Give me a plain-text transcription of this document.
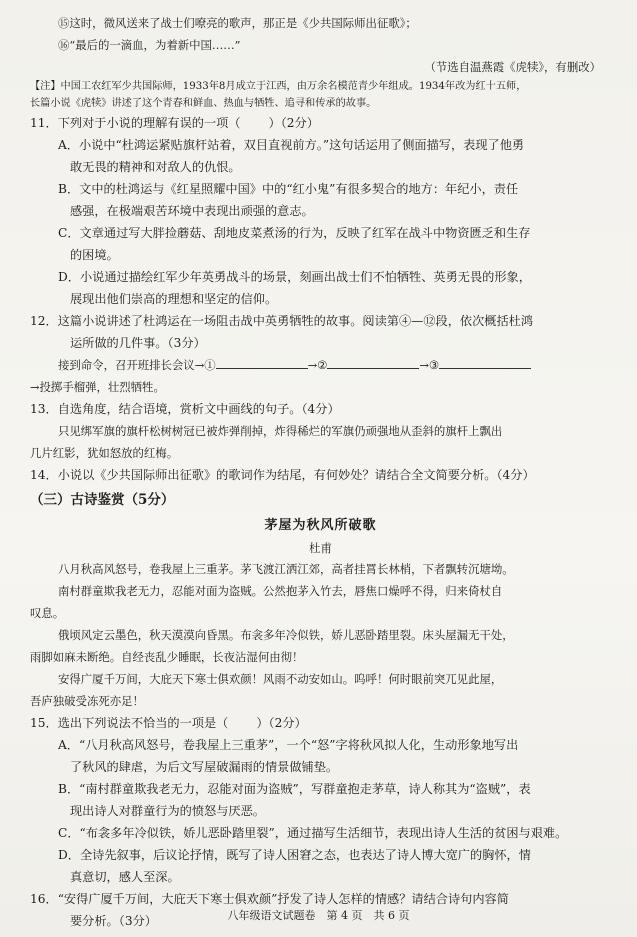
⑮这时，微风送来了战士们嘹亮的歌声，那正是《少共国际师出征歌》；
⑯“最后的一滴血，为着新中国……”
（节选自温燕霞《虎犊》，有删改）
【注】中国工农红军少共国际师，1933年8月成立于江西，由万余名模范青少年组成。1934年改为红十五师，
长篇小说《虎犊》讲述了这个青春和鲜血、热血与牺牲、追寻和传承的故事。
11．下列对于小说的理解有误的一项（ ）（2分）
A．小说中“杜鸿运紧贴旗杆站着，双目直视前方。”这句话运用了侧面描写，表现了他勇
敢无畏的精神和对敌人的仇恨。
B．文中的杜鸿运与《红星照耀中国》中的“红小鬼”有很多契合的地方：年纪小，责任
感强，在极端艰苦环境中表现出顽强的意志。
C．文章通过写大胖捡蘑菇、刮地皮菜煮汤的行为，反映了红军在战斗中物资匮乏和生存
的困境。
D．小说通过描绘红军少年英勇战斗的场景，刻画出战士们不怕牺牲、英勇无畏的形象，
展现出他们崇高的理想和坚定的信仰。
12．这篇小说讲述了杜鸿运在一场阻击战中英勇牺牲的故事。阅读第④—⑫段，依次概括杜鸿
运所做的几件事。（3分）
接到命令，召开班排长会议→①	→②	→③
→投掷手榴弹，壮烈牺牲。
13．自选角度，结合语境，赏析文中画线的句子。（4分）
只见绑军旗的旗杆松树树冠已被炸弹削掉，炸得稀烂的军旗仍顽强地从歪斜的旗杆上飘出
几片红影，犹如怒放的红梅。
14．小说以《少共国际师出征歌》的歌词作为结尾，有何妙处？请结合全文简要分析。（4分）
（三）古诗鉴赏（5分）
茅屋为秋风所破歌
杜甫
八月秋高风怒号，卷我屋上三重茅。茅飞渡江洒江郊，高者挂罥长林梢，下者飘转沉塘坳。
南村群童欺我老无力，忍能对面为盗贼。公然抱茅入竹去，唇焦口燥呼不得，归来倚杖自
叹息。
俄顷风定云墨色，秋天漠漠向昏黑。布衾多年冷似铁，娇儿恶卧踏里裂。床头屋漏无干处，
雨脚如麻未断绝。自经丧乱少睡眠，长夜沾湿何由彻！
安得广厦千万间，大庇天下寒士俱欢颜！风雨不动安如山。呜呼！何时眼前突兀见此屋，
吾庐独破受冻死亦足！
15．选出下列说法不恰当的一项是（ ）（2分）
A．“八月秋高风怒号，卷我屋上三重茅”，一个“怒”字将秋风拟人化，生动形象地写出
了秋风的肆虐，为后文写屋破漏雨的情景做铺垫。
B．“南村群童欺我老无力，忍能对面为盗贼”，写群童抱走茅草，诗人称其为“盗贼”，表
现出诗人对群童行为的愤怒与厌恶。
C．“布衾多年冷似铁，娇儿恶卧踏里裂”，通过描写生活细节，表现出诗人生活的贫困与艰难。
D．全诗先叙事，后议论抒情，既写了诗人困窘之态，也表达了诗人博大宽广的胸怀，情
真意切，感人至深。
16．“安得广厦千万间，大庇天下寒士俱欢颜”抒发了诗人怎样的情感？请结合诗句内容简
要分析。（3分）	八年级语文试题卷　第 4 页　共 6 页
